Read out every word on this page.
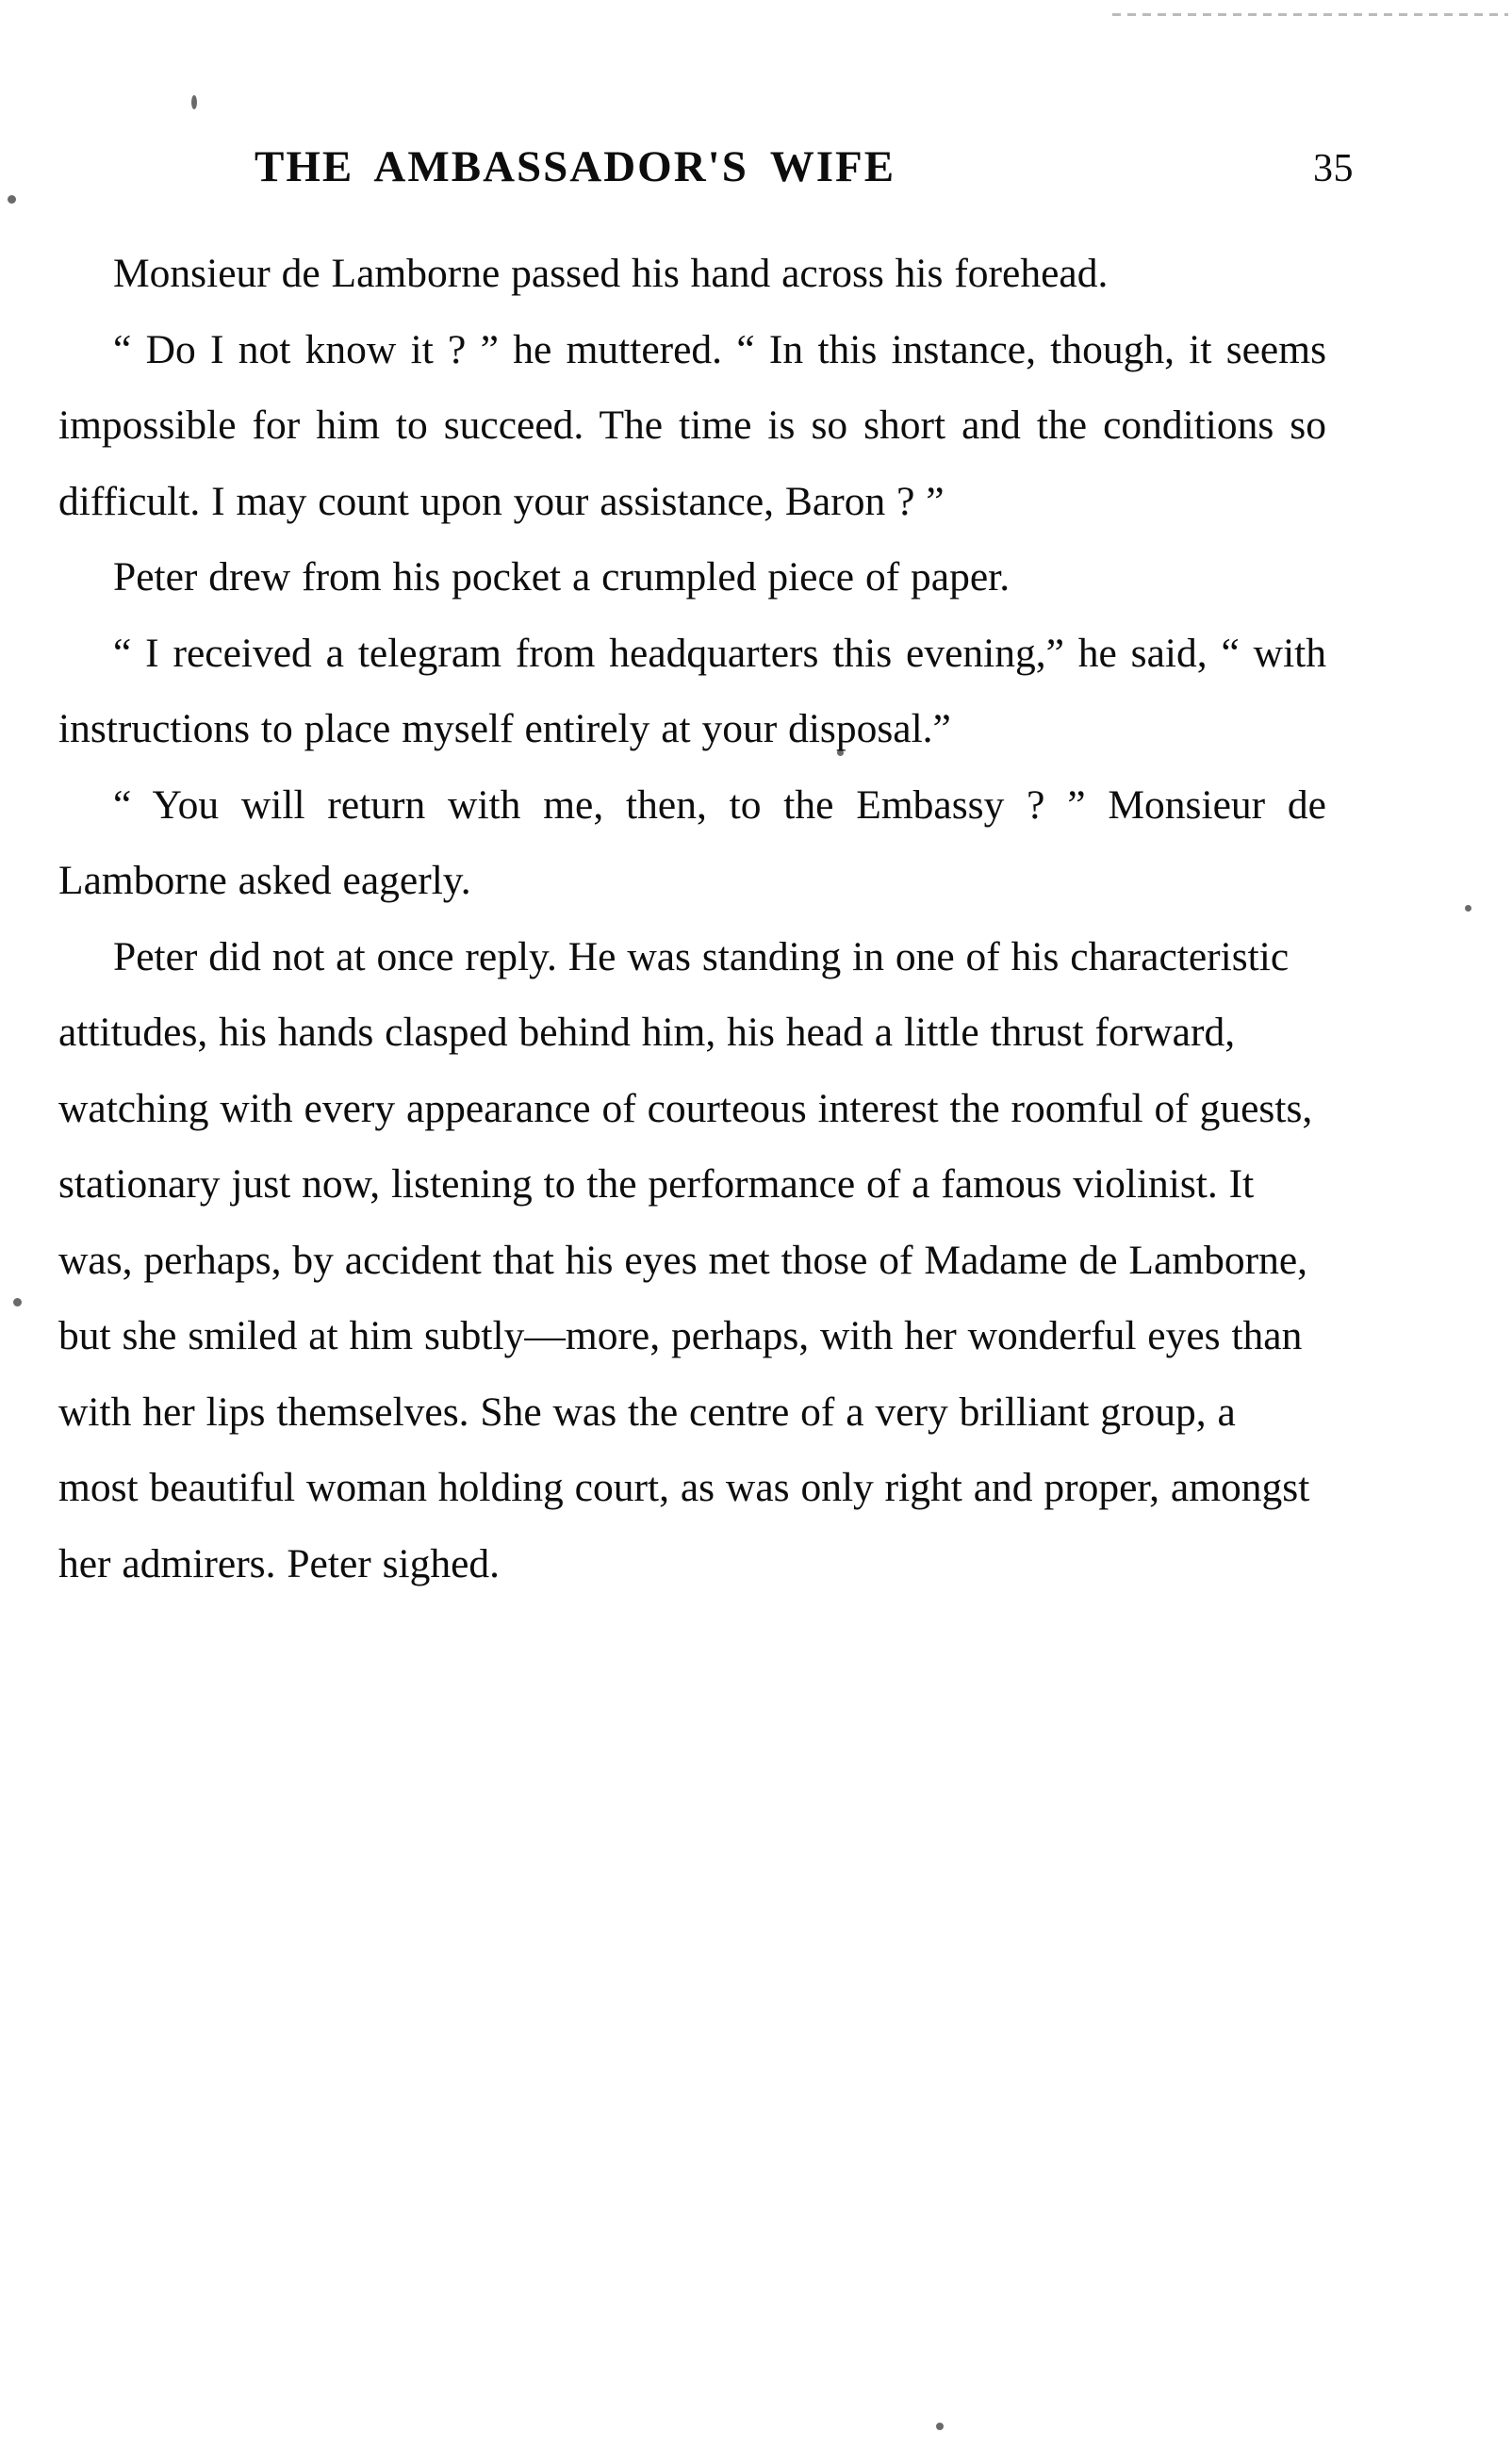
THE AMBASSADOR'S WIFE	35

Monsieur de Lamborne passed his hand across his forehead.

“ Do I not know it ? ” he muttered. “ In this instance, though, it seems impossible for him to succeed. The time is so short and the conditions so difficult. I may count upon your assistance, Baron ? ”

Peter drew from his pocket a crumpled piece of paper.

“ I received a telegram from headquarters this evening,” he said, “ with instructions to place myself entirely at your disposal.”

“ You will return with me, then, to the Embassy ? ” Monsieur de Lamborne asked eagerly.

Peter did not at once reply. He was standing in one of his characteristic attitudes, his hands clasped behind him, his head a little thrust forward, watching with every appearance of courteous interest the roomful of guests, stationary just now, listening to the performance of a famous violinist. It was, perhaps, by accident that his eyes met those of Madame de Lamborne, but she smiled at him subtly—more, perhaps, with her wonderful eyes than with her lips themselves. She was the centre of a very brilliant group, a most beautiful woman holding court, as was only right and proper, amongst her admirers. Peter sighed.
